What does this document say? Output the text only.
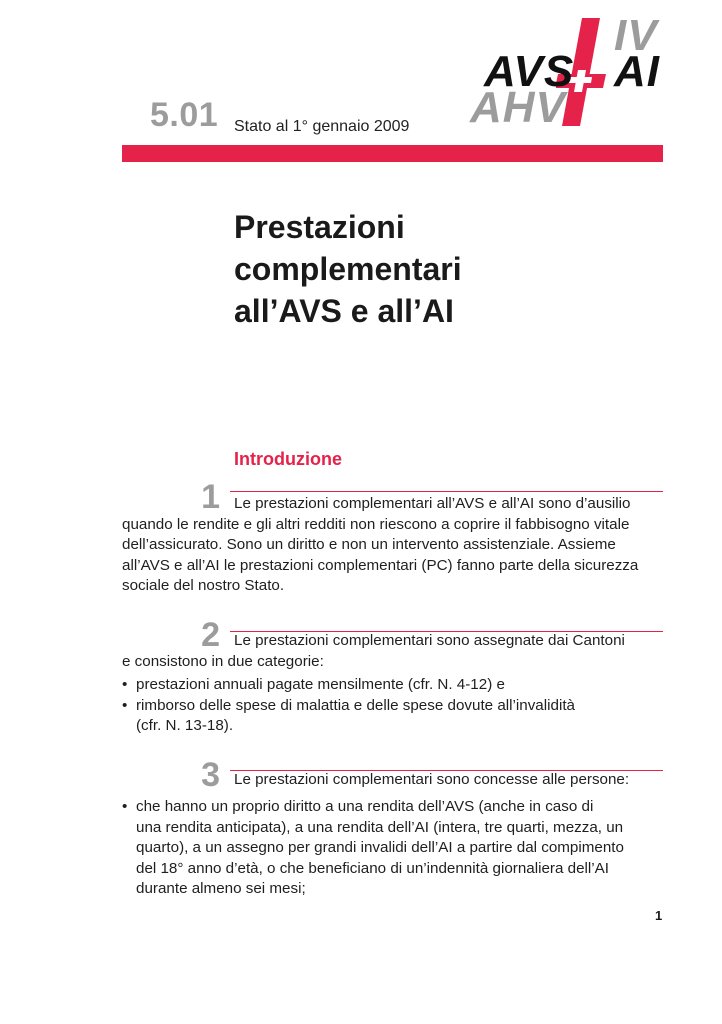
5.01 Stato al 1° gennaio 2009
IV
AVS AI
AHV
Prestazioni
complementari
all’AVS e all’AI
Introduzione
1 Le prestazioni complementari all’AVS e all’AI sono d’ausilio
quando le rendite e gli altri redditi non riescono a coprire il fabbisogno vitale
dell’assicurato. Sono un diritto e non un intervento assistenziale. Assieme
all’AVS e all’AI le prestazioni complementari (PC) fanno parte della sicurezza
sociale del nostro Stato.

2 Le prestazioni complementari sono assegnate dai Cantoni
e consistono in due categorie:

• prestazioni annuali pagate mensilmente (cfr. N. 4-12) e
• rimborso delle spese di malattia e delle spese dovute all’invalidità
(cfr. N. 13-18).
3 Le prestazioni complementari sono concesse alle persone:

• che hanno un proprio diritto a una rendita dell’AVS (anche in caso di
una rendita anticipata), a una rendita dell’AI (intera, tre quarti, mezza, un
quarto), a un assegno per grandi invalidi dell’AI a partire dal compimento
del 18° anno d’età, o che beneficiano di un’indennità giornaliera dell’AI
durante almeno sei mesi;
1
